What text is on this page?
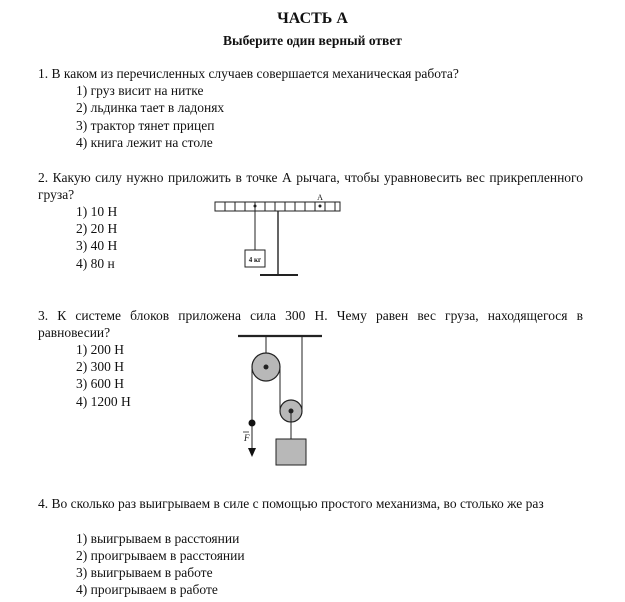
ЧАСТЬ А
Выберите один верный ответ
1. В каком из перечисленных случаев совершается механическая работа?
1) груз висит на нитке
2) льдинка тает в ладонях
3) трактор тянет прицеп
4) книга лежит на столе
2. Какую силу нужно приложить в точке А рычага, чтобы уравновесить вес прикрепленного груза?
1) 10 Н
2) 20 Н
3) 40 Н
4) 80 н	4 кг
А
3. К системе блоков приложена сила 300 Н. Чему равен вес груза, находящегося в равновесии?
1) 200 Н
2) 300 Н
3) 600 Н
4) 1200 Н
F
4. Во сколько раз выигрываем в силе с помощью простого механизма, во столько же раз
1) выигрываем в расстоянии
2) проигрываем в расстоянии
3) выигрываем в работе
4) проигрываем в работе
